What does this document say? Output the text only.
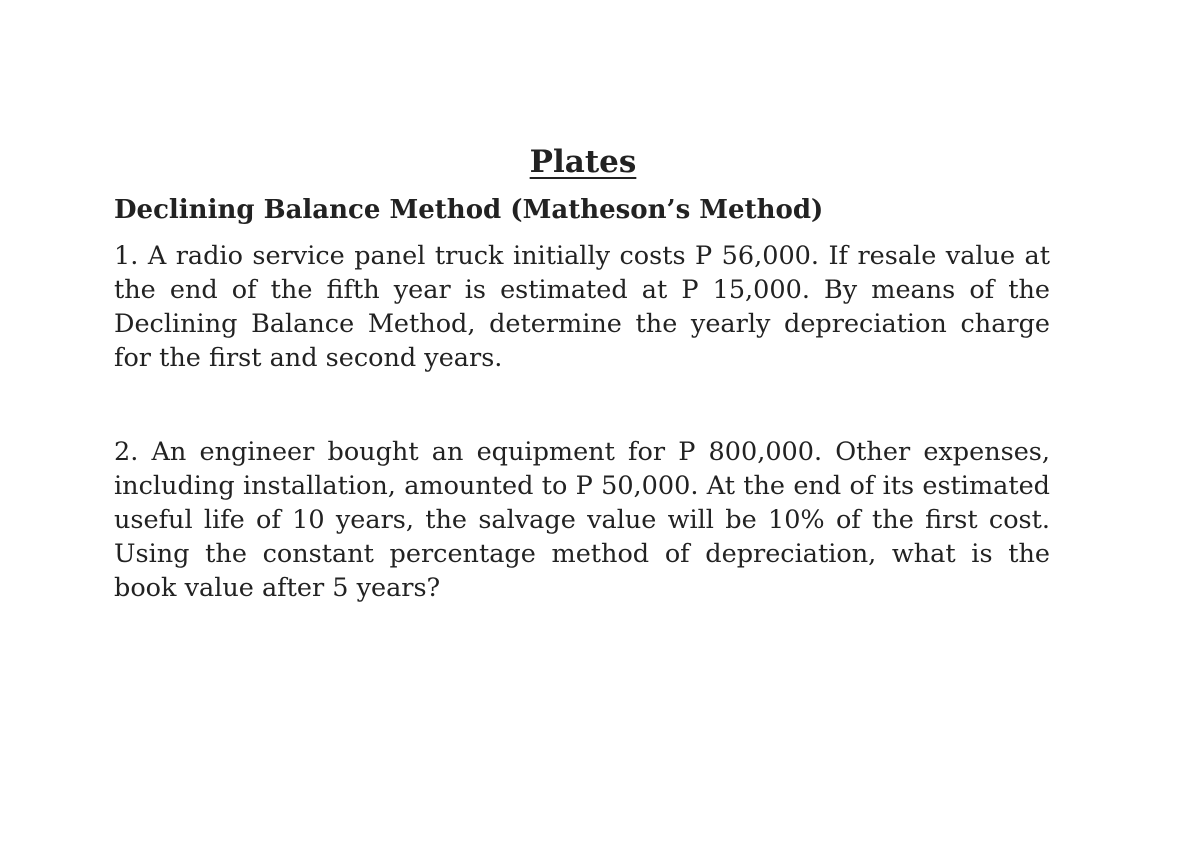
Plates
Declining Balance Method (Matheson’s Method)

1. A radio service panel truck initially costs P 56,000. If resale value at the end of the fifth year is estimated at P 15,000. By means of the Declining Balance Method, determine the yearly depreciation charge for the first and second years.

2. An engineer bought an equipment for P 800,000. Other expenses, including installation, amounted to P 50,000. At the end of its estimated useful life of 10 years, the salvage value will be 10% of the first cost. Using the constant percentage method of depreciation, what is the book value after 5 years?
